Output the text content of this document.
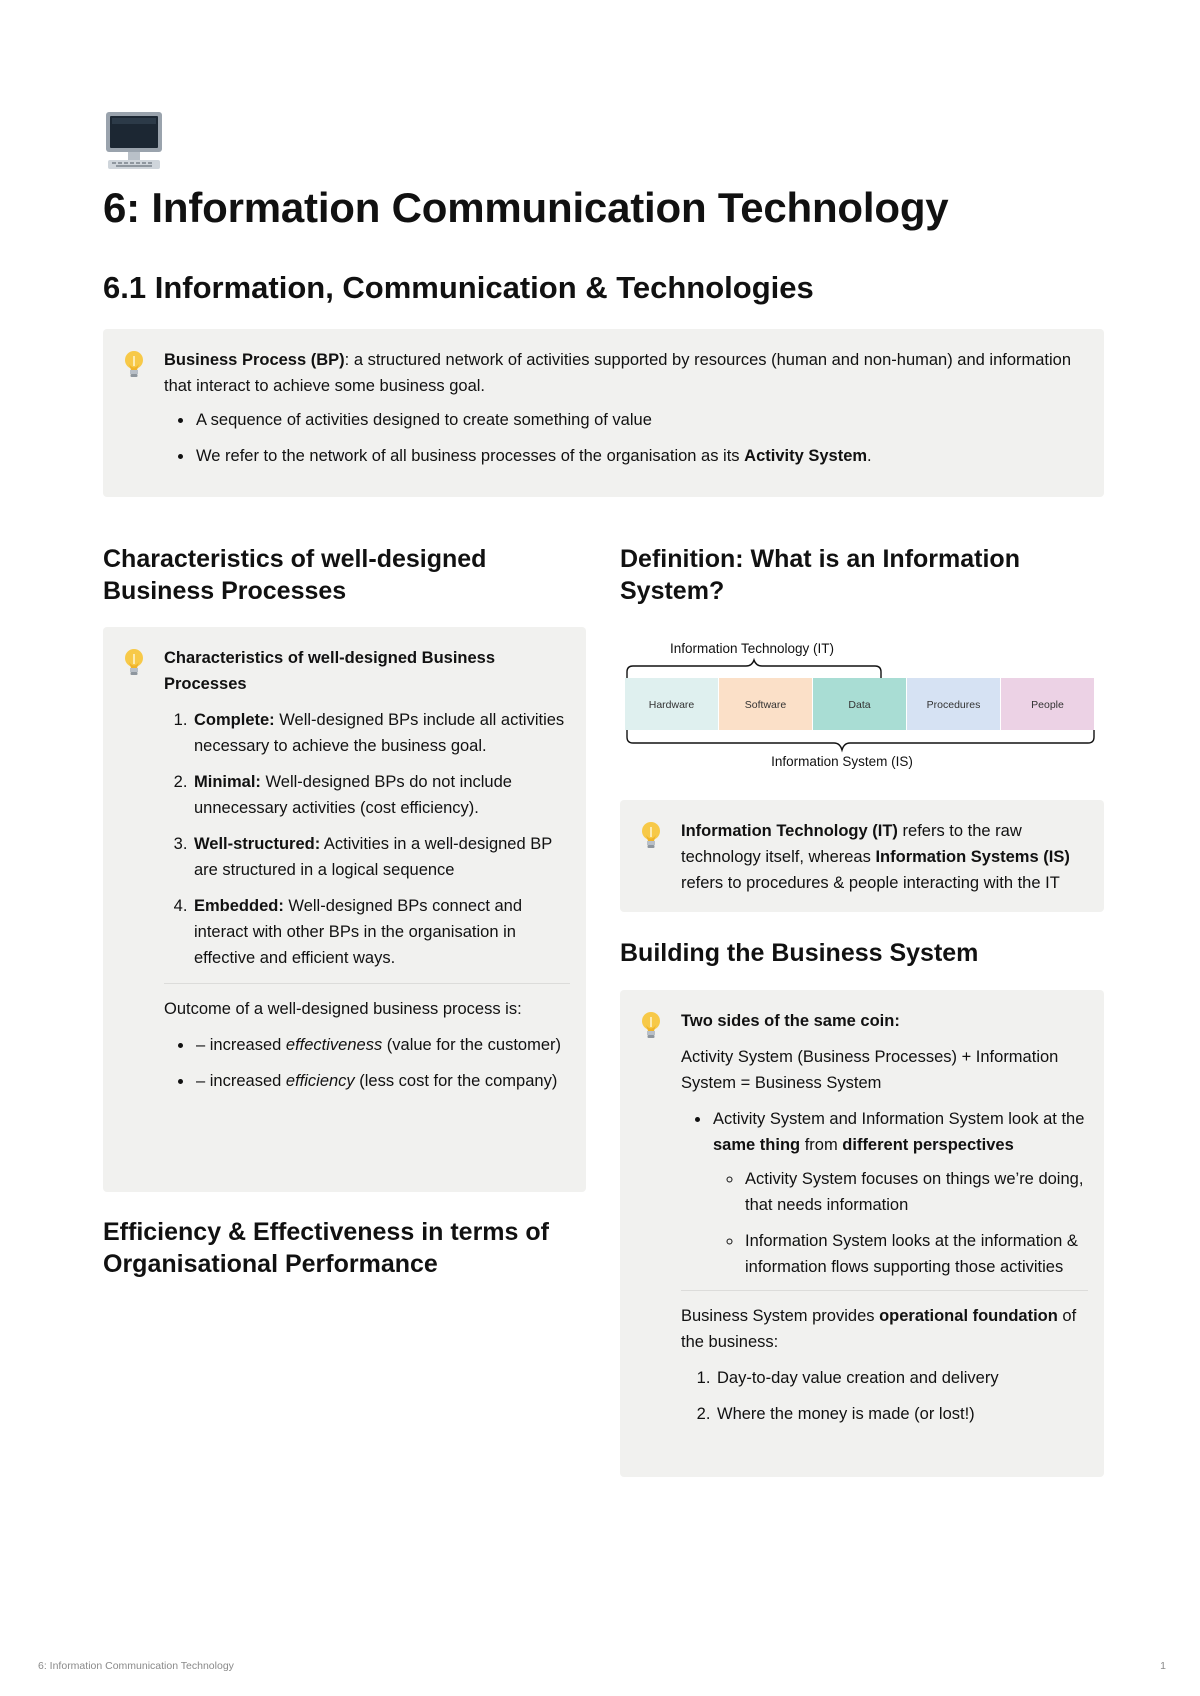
6: Information Communication Technology
6.1 Information, Communication & Technologies

Business Process (BP): a structured network of activities supported by resources (human and non-human) and information that interact to achieve some business goal.

• A sequence of activities designed to create something of value
• We refer to the network of all business processes of the organisation as its Activity System.
Characteristics of well-designed Business Processes

Characteristics of well-designed Business Processes

1. Complete: Well-designed BPs include all activities necessary to achieve the business goal.
2. Minimal: Well-designed BPs do not include unnecessary activities (cost efficiency).
3. Well-structured: Activities in a well-designed BP are structured in a logical sequence
4. Embedded: Well-designed BPs connect and interact with other BPs in the organisation in effective and efficient ways.

Outcome of a well-designed business process is:

• – increased effectiveness (value for the customer)
• – increased efficiency (less cost for the company)
Efficiency & Effectiveness in terms of Organisational Performance
Definition: What is an Information System?
Information Technology (IT)
Hardware	Software	Data	Procedures	People
Information System (IS)

Information Technology (IT) refers to the raw technology itself, whereas Information Systems (IS) refers to procedures & people interacting with the IT

Building the Business System

Two sides of the same coin:

Activity System (Business Processes) + Information System = Business System

• Activity System and Information System look at the same thing from different perspectives
◦ Activity System focuses on things we’re doing, that needs information
◦ Information System looks at the information & information flows supporting those activities

Business System provides operational foundation of the business:

1. Day-to-day value creation and delivery
2. Where the money is made (or lost!)
6: Information Communication Technology	1
